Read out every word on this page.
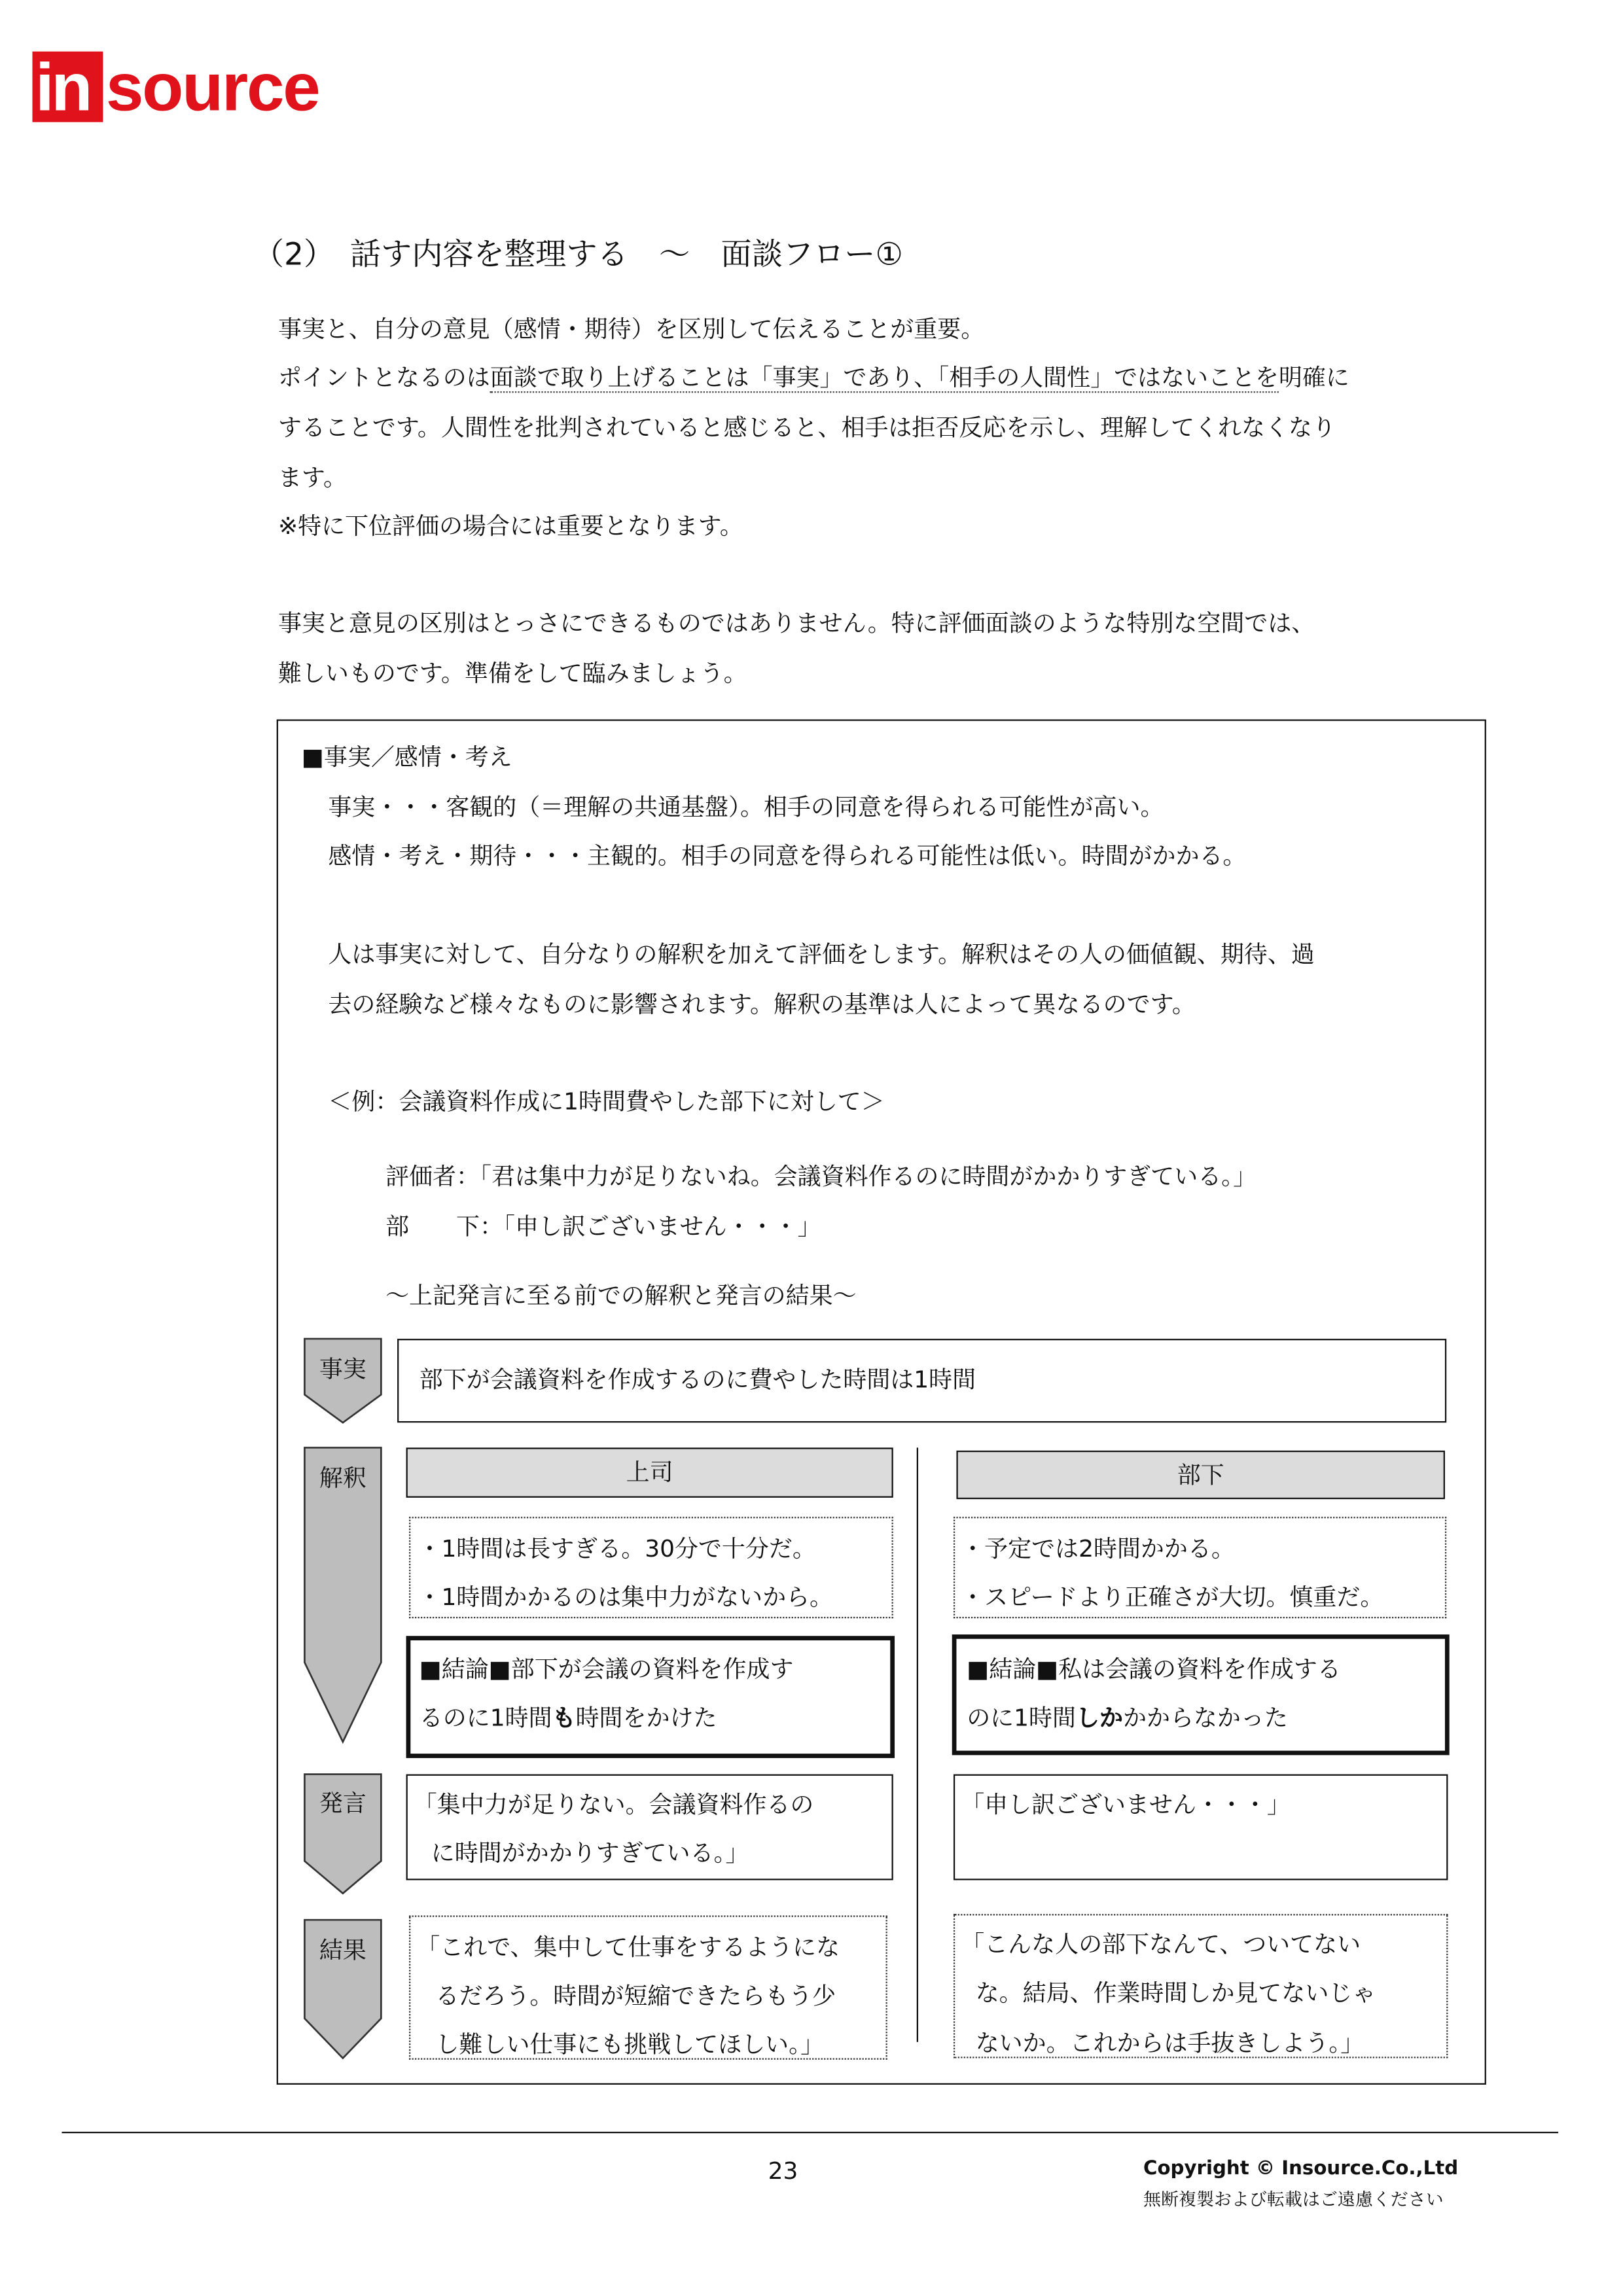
in source
（2）　話す内容を整理する　～　面談フロー①
事実と、自分の意見（感情・期待）を区別して伝えることが重要。
ポイントとなるのは面談で取り上げることは「事実」であり、「相手の人間性」ではないことを明確に
することです。人間性を批判されていると感じると、相手は拒否反応を示し、理解してくれなくなり
ます。
※特に下位評価の場合には重要となります。
事実と意見の区別はとっさにできるものではありません。特に評価面談のような特別な空間では、
難しいものです。準備をして臨みましょう。
■事実／感情・考え
事実・・・客観的（＝理解の共通基盤）。相手の同意を得られる可能性が高い。
感情・考え・期待・・・主観的。相手の同意を得られる可能性は低い。時間がかかる。
人は事実に対して、自分なりの解釈を加えて評価をします。解釈はその人の価値観、期待、過
去の経験など様々なものに影響されます。解釈の基準は人によって異なるのです。
＜例：会議資料作成に1時間費やした部下に対して＞
評価者：「君は集中力が足りないね。会議資料作るのに時間がかかりすぎている。」
部　　下：「申し訳ございません・・・」
～上記発言に至る前での解釈と発言の結果～
事実
解釈
発言
結果
部下が会議資料を作成するのに費やした時間は1時間
上司
・1時間は長すぎる。30分で十分だ。
・1時間かかるのは集中力がないから。
■結論■部下が会議の資料を作成す
るのに1時間も時間をかけた
「集中力が足りない。会議資料作るの
に時間がかかりすぎている。」
「これで、集中して仕事をするようにな
るだろう。時間が短縮できたらもう少
し難しい仕事にも挑戦してほしい。」
部下
・予定では2時間かかる。
・スピードより正確さが大切。慎重だ。
■結論■私は会議の資料を作成する
のに1時間しかかからなかった
「申し訳ございません・・・」
「こんな人の部下なんて、ついてない
な。結局、作業時間しか見てないじゃ
ないか。これからは手抜きしよう。」
23	Copyright © Insource.Co.,Ltd
無断複製および転載はご遠慮ください
